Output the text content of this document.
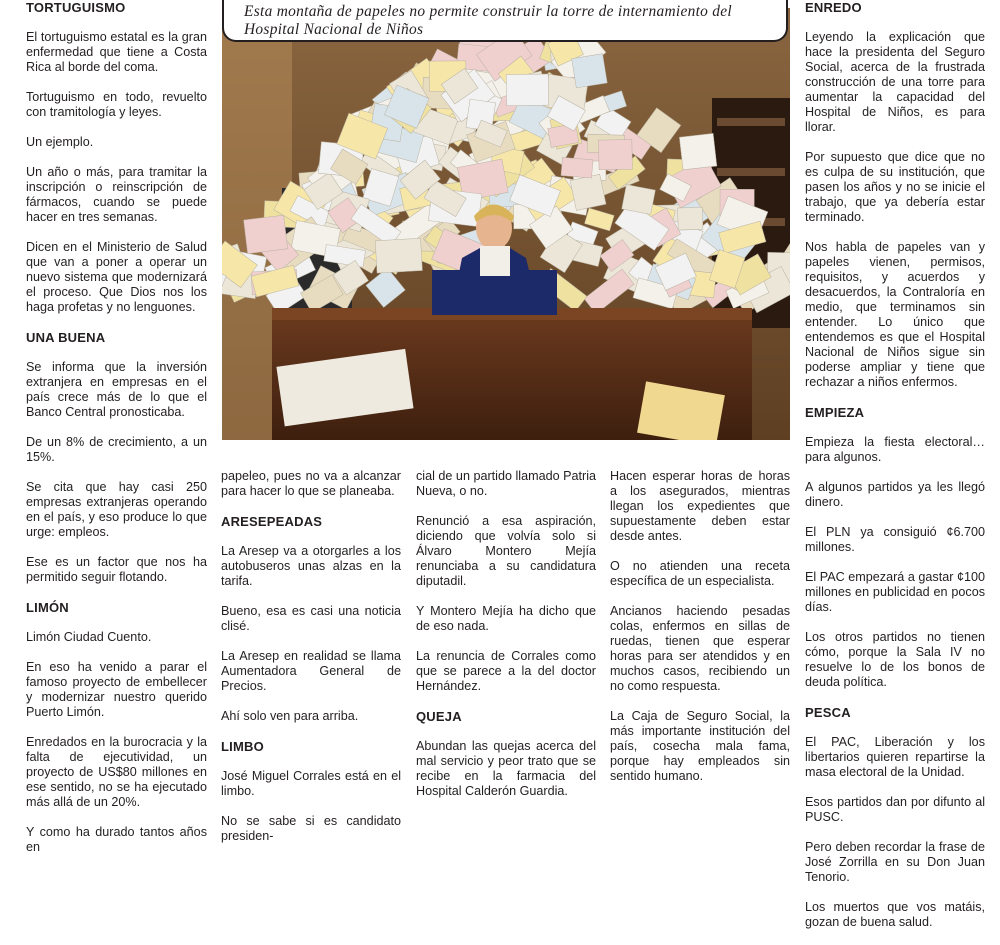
Esta montaña de papeles no permite construir la torre de internamiento del Hospital Nacional de Niños

TORTUGUISMO

El tortuguismo estatal es la gran enfermedad que tiene a Costa Rica al borde del coma.

Tortuguismo en todo, revuelto con tramitología y leyes.

Un ejemplo.

Un año o más, para tramitar la inscripción o reinscripción de fármacos, cuando se puede hacer en tres semanas.

Dicen en el Ministerio de Salud que van a poner a operar un nuevo sistema que modernizará el proceso. Que Dios nos los haga profetas y no lenguones.

UNA BUENA

Se informa que la inversión extranjera en empresas en el país crece más de lo que el Banco Central pronosticaba.

De un 8% de crecimiento, a un 15%.

Se cita que hay casi 250 empresas extranjeras operando en el país, y eso produce lo que urge: empleos.

Ese es un factor que nos ha permitido seguir flotando.

LIMÓN

Limón Ciudad Cuento.

En eso ha venido a parar el famoso proyecto de embellecer y modernizar nuestro querido Puerto Limón.

Enredados en la burocracia y la falta de ejecutividad, un proyecto de US$80 millones en ese sentido, no se ha ejecutado más allá de un 20%.

Y como ha durado tantos años en

papeleo, pues no va a alcanzar para hacer lo que se planeaba.

ARESEPEADAS

La Aresep va a otorgarles a los autobuseros unas alzas en la tarifa.

Bueno, esa es casi una noticia clisé.

La Aresep en realidad se llama Aumentadora General de Precios.

Ahí solo ven para arriba.

LIMBO

José Miguel Corrales está en el limbo.

No se sabe si es candidato presiden-

cial de un partido llamado Patria Nueva, o no.

Renunció a esa aspiración, diciendo que volvía solo si Álvaro Montero Mejía renunciaba a su candidatura diputadil.

Y Montero Mejía ha dicho que de eso nada.

La renuncia de Corrales como que se parece a la del doctor Hernández.

QUEJA

Abundan las quejas acerca del mal servicio y peor trato que se recibe en la farmacia del Hospital Calderón Guardia.

Hacen esperar horas de horas a los asegurados, mientras llegan los expedientes que supuestamente deben estar desde antes.

O no atienden una receta específica de un especialista.

Ancianos haciendo pesadas colas, enfermos en sillas de ruedas, tienen que esperar horas para ser atendidos y en muchos casos, recibiendo un no como respuesta.

La Caja de Seguro Social, la más importante institución del país, cosecha mala fama, porque hay empleados sin sentido humano.

ENREDO

Leyendo la explicación que hace la presidenta del Seguro Social, acerca de la frustrada construcción de una torre para aumentar la capacidad del Hospital de Niños, es para llorar.

Por supuesto que dice que no es culpa de su institución, que pasen los años y no se inicie el trabajo, que ya debería estar terminado.

Nos habla de papeles van y papeles vienen, permisos, requisitos, y acuerdos y desacuerdos, la Contraloría en medio, que terminamos sin entender. Lo único que entendemos es que el Hospital Nacional de Niños sigue sin poderse ampliar y tiene que rechazar a niños enfermos.

EMPIEZA

Empieza la fiesta electoral… para algunos.

A algunos partidos ya les llegó dinero.

El PLN ya consiguió ¢6.700 millones.

El PAC empezará a gastar ¢100 millones en publicidad en pocos días.

Los otros partidos no tienen cómo, porque la Sala IV no resuelve lo de los bonos de deuda política.

PESCA

El PAC, Liberación y los libertarios quieren repartirse la masa electoral de la Unidad.

Esos partidos dan por difunto al PUSC.

Pero deben recordar la frase de José Zorrilla en su Don Juan Tenorio.

Los muertos que vos matáis, gozan de buena salud.
